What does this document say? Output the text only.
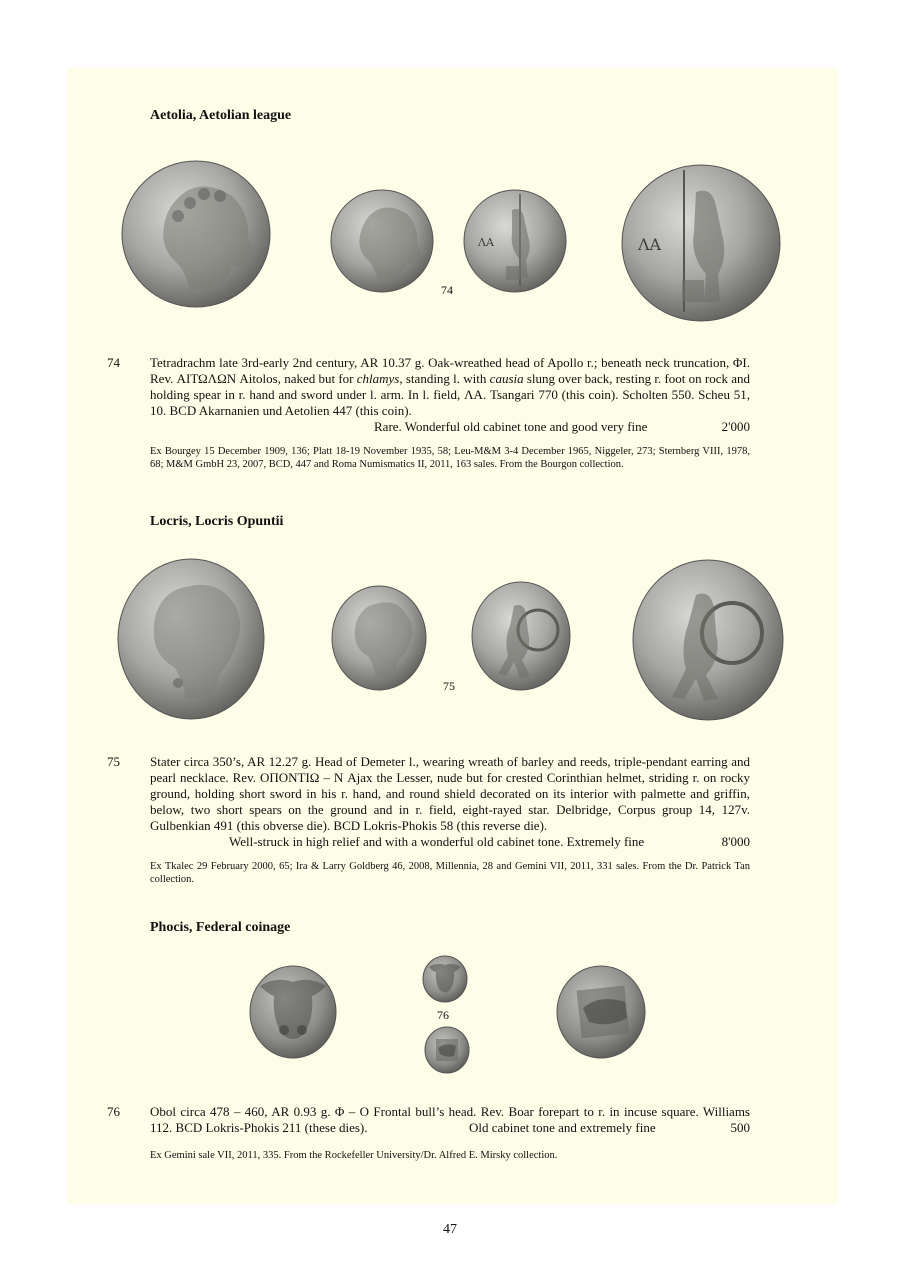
Aetolia, Aetolian league
ΛΑ	ΛΑ
74
74 Tetradrachm late 3rd-early 2nd century, AR 10.37 g. Oak-wreathed head of Apollo r.; beneath neck truncation, ΦΙ. Rev. ΑΙΤΩΛΩΝ Aitolos, naked but for chlamys, standing l. with causia slung over back, resting r. foot on rock and holding spear in r. hand and sword under l. arm. In l. field, ΛΑ. Tsangari 770 (this coin). Scholten 550. Scheu 51, 10. BCD Akarnanien und Aetolien 447 (this coin).

Rare. Wonderful old cabinet tone and good very fine	2'000
Ex Bourgey 15 December 1909, 136; Platt 18-19 November 1935, 58; Leu-M&M 3-4 December 1965, Niggeler, 273; Sternberg VIII, 1978, 68; M&M GmbH 23, 2007, BCD, 447 and Roma Numismatics II, 2011, 163 sales. From the Bourgon collection.
Locris, Locris Opuntii
75
75 Stater circa 350’s, AR 12.27 g. Head of Demeter l., wearing wreath of barley and reeds, triple-pendant earring and pearl necklace. Rev. ΟΠΟΝΤΙΩ – Ν Ajax the Lesser, nude but for crested Corinthian helmet, striding r. on rocky ground, holding short sword in his r. hand, and round shield decorated on its interior with palmette and griffin, below, two short spears on the ground and in r. field, eight-rayed star. Delbridge, Corpus group 14, 127v. Gulbenkian 491 (this obverse die). BCD Lokris-Phokis 58 (this reverse die).

Well-struck in high relief and with a wonderful old cabinet tone. Extremely fine	8'000
Ex Tkalec 29 February 2000, 65; Ira & Larry Goldberg 46, 2008, Millennia, 28 and Gemini VII, 2011, 331 sales. From the Dr. Patrick Tan collection.
Phocis, Federal coinage
76
76 Obol circa 478 – 460, AR 0.93 g. Φ – Ο Frontal bull’s head. Rev. Boar forepart to r. in incuse square. Williams 112. BCD Lokris-Phokis 211 (these dies).	Old cabinet tone and extremely fine	500
Ex Gemini sale VII, 2011, 335. From the Rockefeller University/Dr. Alfred E. Mirsky collection.
47
